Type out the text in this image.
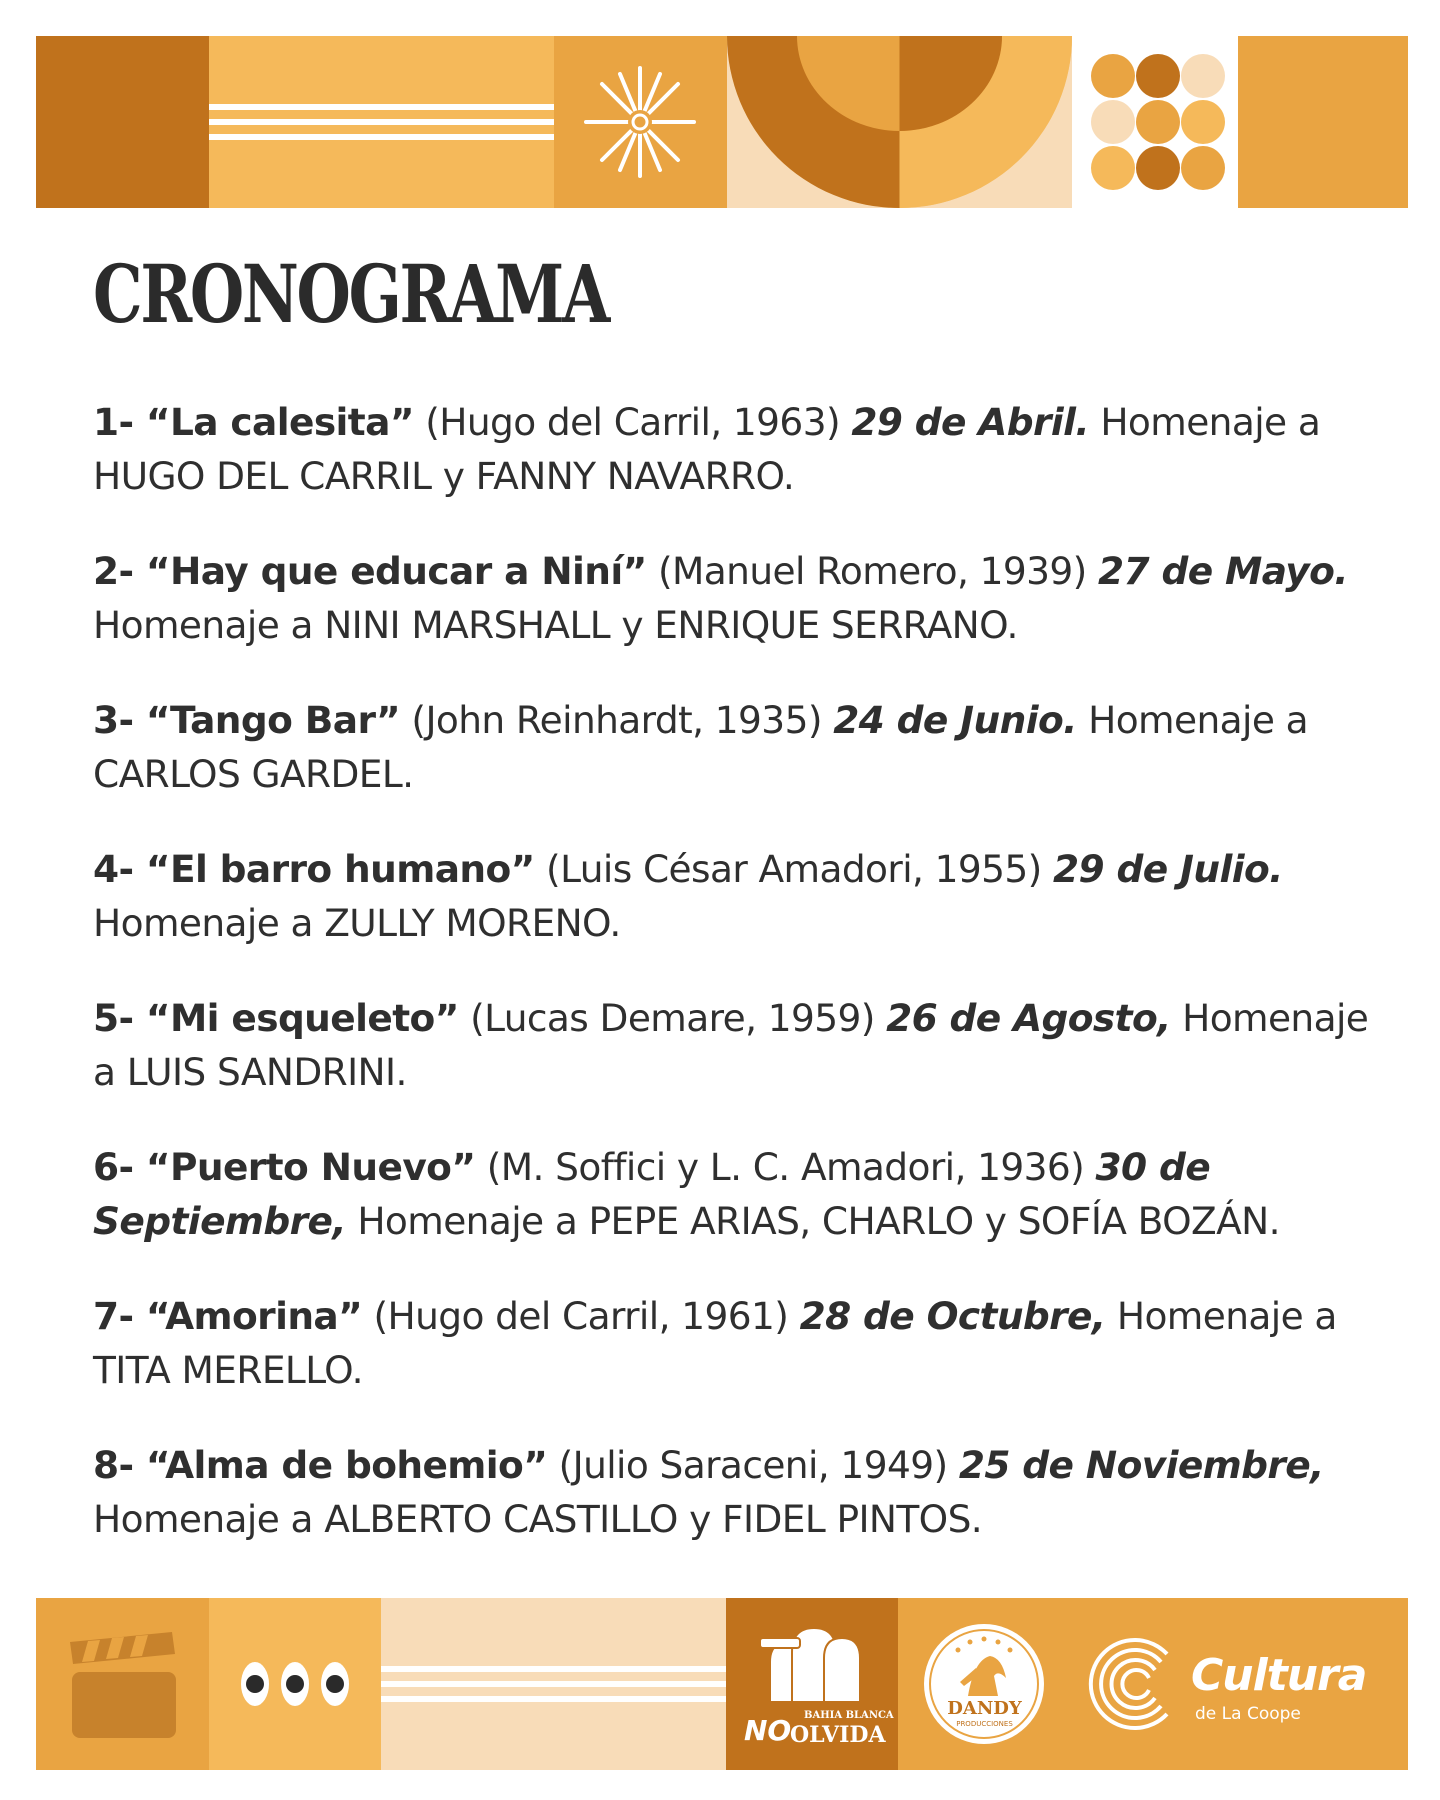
CRONOGRAMA
1- “La calesita” (Hugo del Carril, 1963) 29 de Abril. Homenaje a HUGO DEL CARRIL y FANNY NAVARRO.
2- “Hay que educar a Niní” (Manuel Romero, 1939) 27 de Mayo. Homenaje a NINI MARSHALL y ENRIQUE SERRANO.
3- “Tango Bar” (John Reinhardt, 1935) 24 de Junio. Homenaje a CARLOS GARDEL.
4- “El barro humano” (Luis César Amadori, 1955) 29 de Julio. Homenaje a ZULLY MORENO.
5- “Mi esqueleto” (Lucas Demare, 1959) 26 de Agosto, Homenaje a LUIS SANDRINI.
6- “Puerto Nuevo” (M. Soffici y L. C. Amadori, 1936) 30 de Septiembre, Homenaje a PEPE ARIAS, CHARLO y SOFÍA BOZÁN.
7- “Amorina” (Hugo del Carril, 1961) 28 de Octubre, Homenaje a TITA MERELLO.
8- “Alma de bohemio” (Julio Saraceni, 1949) 25 de Noviembre, Homenaje a ALBERTO CASTILLO y FIDEL PINTOS.
BAHIA BLANCA
NO
OLVIDA
DANDY
PRODUCCIONES
Cultura
de La Coope
